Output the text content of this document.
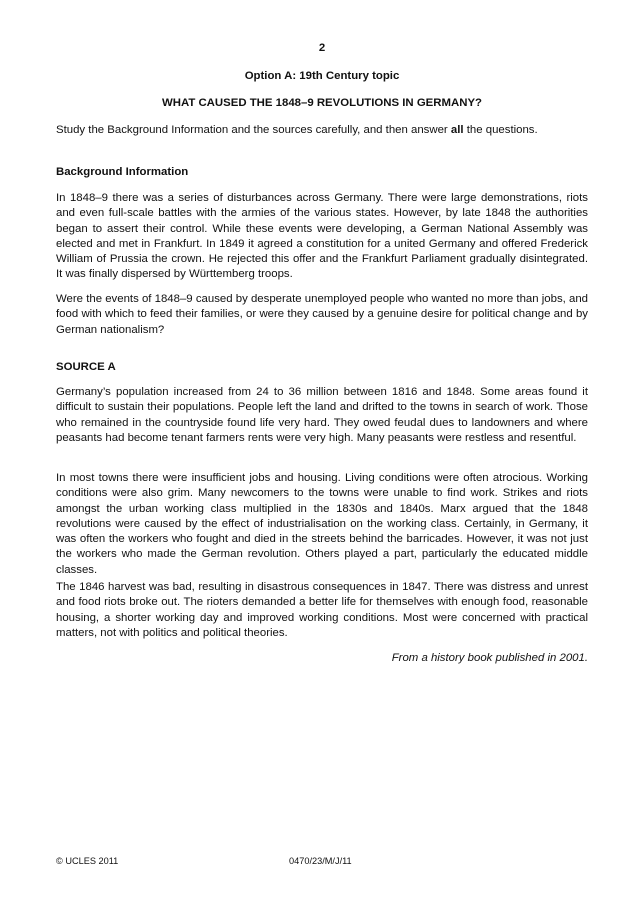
2

Option A: 19th Century topic

WHAT CAUSED THE 1848–9 REVOLUTIONS IN GERMANY?

Study the Background Information and the sources carefully, and then answer all the questions.

Background Information

In 1848–9 there was a series of disturbances across Germany. There were large demonstrations, riots and even full-scale battles with the armies of the various states. However, by late 1848 the authorities began to assert their control. While these events were developing, a German National Assembly was elected and met in Frankfurt. In 1849 it agreed a constitution for a united Germany and offered Frederick William of Prussia the crown. He rejected this offer and the Frankfurt Parliament gradually disintegrated. It was finally dispersed by Württemberg troops.

Were the events of 1848–9 caused by desperate unemployed people who wanted no more than jobs, and food with which to feed their families, or were they caused by a genuine desire for political change and by German nationalism?

SOURCE A

Germany’s population increased from 24 to 36 million between 1816 and 1848. Some areas found it difficult to sustain their populations. People left the land and drifted to the towns in search of work. Those who remained in the countryside found life very hard. They owed feudal dues to landowners and where peasants had become tenant farmers rents were very high. Many peasants were restless and resentful.

In most towns there were insufficient jobs and housing. Living conditions were often atrocious. Working conditions were also grim. Many newcomers to the towns were unable to find work. Strikes and riots amongst the urban working class multiplied in the 1830s and 1840s. Marx argued that the 1848 revolutions were caused by the effect of industrialisation on the working class. Certainly, in Germany, it was often the workers who fought and died in the streets behind the barricades. However, it was not just the workers who made the German revolution. Others played a part, particularly the educated middle classes.

The 1846 harvest was bad, resulting in disastrous consequences in 1847. There was distress and unrest and food riots broke out. The rioters demanded a better life for themselves with enough food, reasonable housing, a shorter working day and improved working conditions. Most were concerned with practical matters, not with politics and political theories.

From a history book published in 2001.

© UCLES 2011	0470/23/M/J/11
